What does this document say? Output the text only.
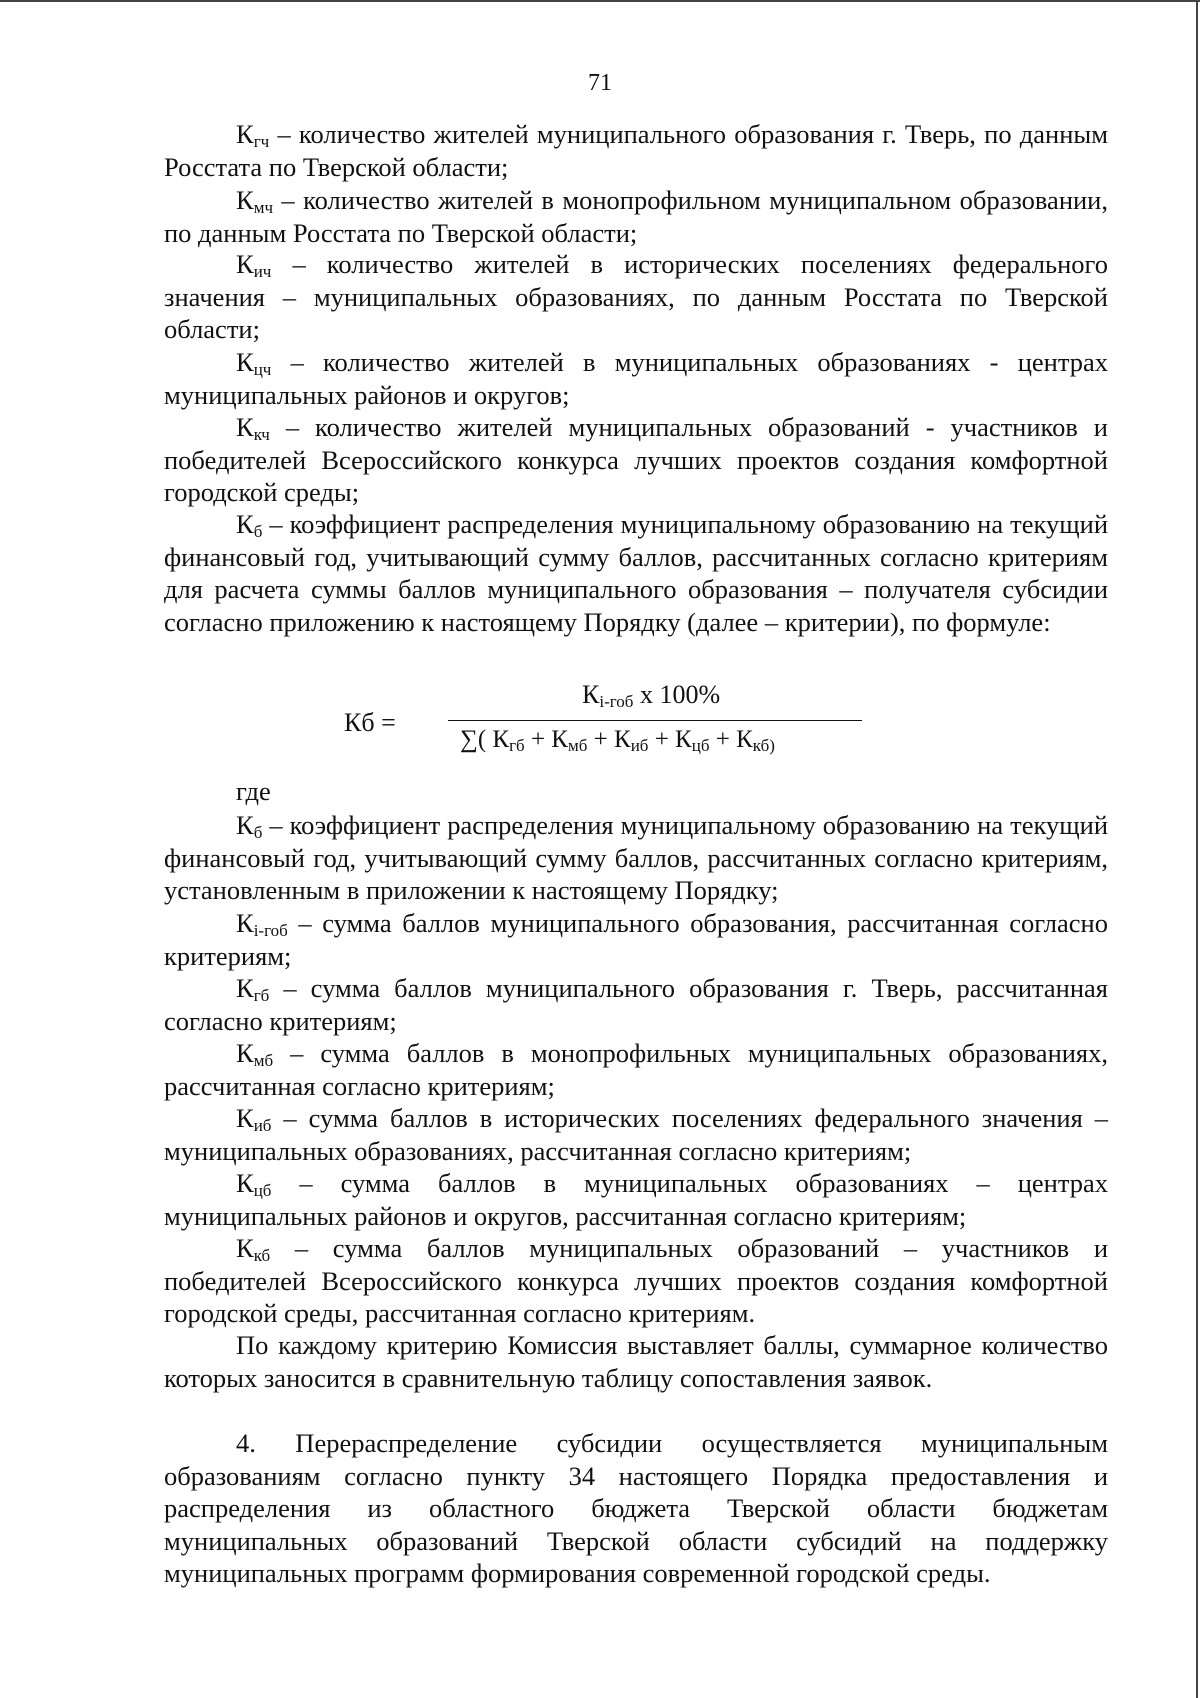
71
$К_{гч}$ – количество жителей муниципального образования г. Тверь, по данным Росстата по Тверской области;
$К_{мч}$ – количество жителей в монопрофильном муниципальном образовании, по данным Росстата по Тверской области;
$К_{ич}$ – количество жителей в исторических поселениях федерального значения – муниципальных образованиях, по данным Росстата по Тверской области;
$К_{цч}$ – количество жителей в муниципальных образованиях - центрах муниципальных районов и округов;
$К_{кч}$ – количество жителей муниципальных образований - участников и победителей Всероссийского конкурса лучших проектов создания комфортной городской среды;
$К_б$ – коэффициент распределения муниципальному образованию на текущий финансовый год, учитывающий сумму баллов, рассчитанных согласно критериям для расчета суммы баллов муниципального образования – получателя субсидии согласно приложению к настоящему Порядку (далее – критерии), по формуле:
Кб =
$К_{i-гоб}$ х 100%
∑( $К_{гб} + К_{мб} + К_{иб} + К_{цб} + К_{кб)}$
где
$К_б$ – коэффициент распределения муниципальному образованию на текущий финансовый год, учитывающий сумму баллов, рассчитанных согласно критериям, установленным в приложении к настоящему Порядку;
$К_{i-гоб}$ – сумма баллов муниципального образования, рассчитанная согласно критериям;
$К_{гб}$ – сумма баллов муниципального образования г. Тверь, рассчитанная согласно критериям;
$К_{мб}$ – сумма баллов в монопрофильных муниципальных образованиях, рассчитанная согласно критериям;
$К_{иб}$ – сумма баллов в исторических поселениях федерального значения – муниципальных образованиях, рассчитанная согласно критериям;
$К_{цб}$ – сумма баллов в муниципальных образованиях – центрах муниципальных районов и округов, рассчитанная согласно критериям;
$К_{кб}$ – сумма баллов муниципальных образований – участников и победителей Всероссийского конкурса лучших проектов создания комфортной городской среды, рассчитанная согласно критериям.
По каждому критерию Комиссия выставляет баллы, суммарное количество которых заносится в сравнительную таблицу сопоставления заявок.
4. Перераспределение субсидии осуществляется муниципальным образованиям согласно пункту 34 настоящего Порядка предоставления и распределения из областного бюджета Тверской области бюджетам муниципальных образований Тверской области субсидий на поддержку муниципальных программ формирования современной городской среды.
